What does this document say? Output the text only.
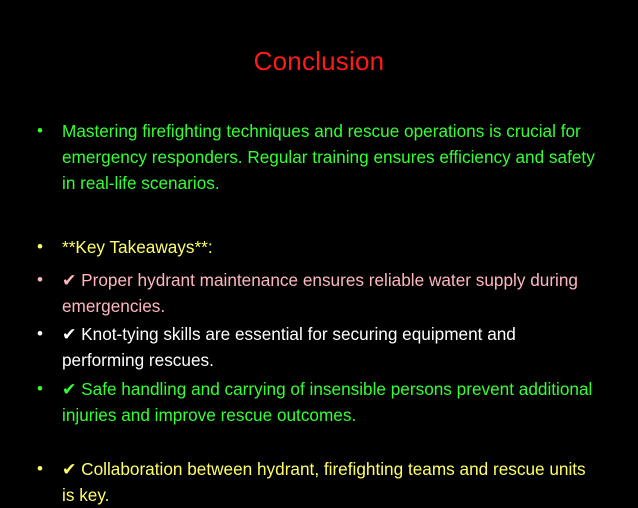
Conclusion
•	Mastering firefighting techniques and rescue operations is crucial for emergency responders. Regular training ensures efficiency and safety in real-life scenarios.
•	**Key Takeaways**:
•	✔ Proper hydrant maintenance ensures reliable water supply during emergencies.
•	✔ Knot-tying skills are essential for securing equipment and performing rescues.
•	✔ Safe handling and carrying of insensible persons prevent additional injuries and improve rescue outcomes.
•	✔ Collaboration between hydrant, firefighting teams and rescue units is key.
